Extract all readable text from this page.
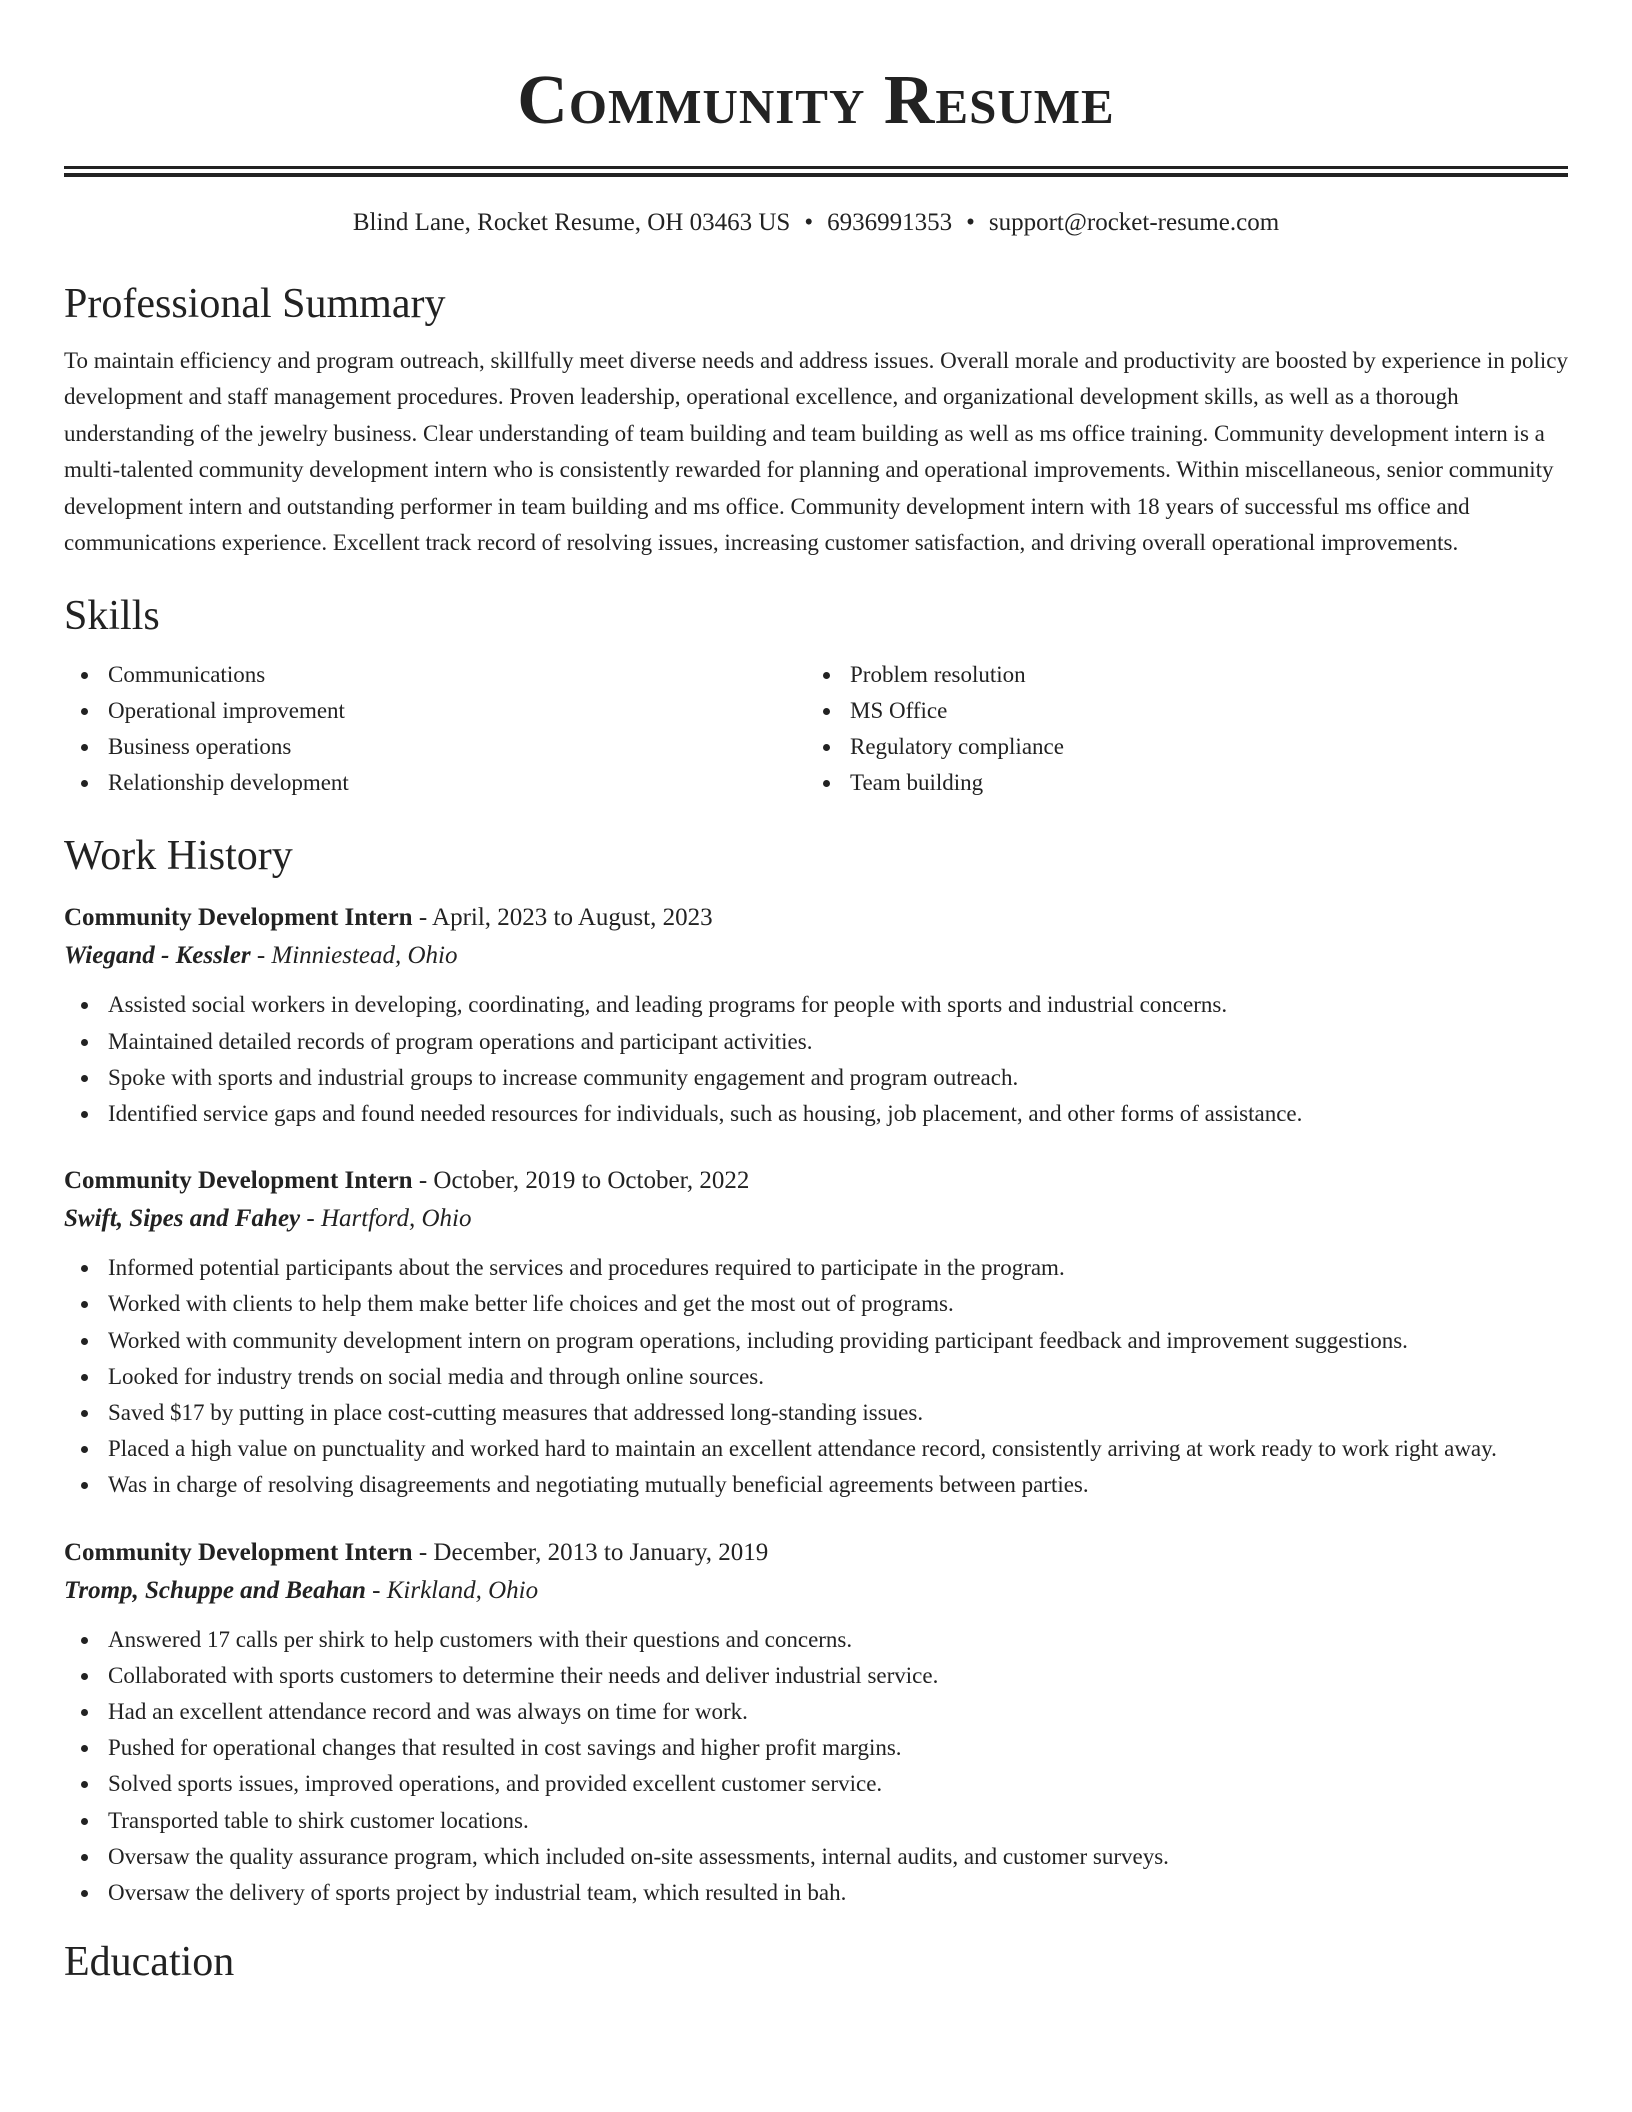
Community Resume
Blind Lane, Rocket Resume, OH 03463 US • 6936991353 • support@rocket-resume.com
Professional Summary

To maintain efficiency and program outreach, skillfully meet diverse needs and address issues. Overall morale and productivity are boosted by experience in policy development and staff management procedures. Proven leadership, operational excellence, and organizational development skills, as well as a thorough understanding of the jewelry business. Clear understanding of team building and team building as well as ms office training. Community development intern is a multi-talented community development intern who is consistently rewarded for planning and operational improvements. Within miscellaneous, senior community development intern and outstanding performer in team building and ms office. Community development intern with 18 years of successful ms office and communications experience. Excellent track record of resolving issues, increasing customer satisfaction, and driving overall operational improvements.

Skills
Communications
Operational improvement
Business operations
Relationship development
Problem resolution
MS Office
Regulatory compliance
Team building
Work History
Community Development Intern - April, 2023 to August, 2023
Wiegand - Kessler - Minniestead, Ohio
Assisted social workers in developing, coordinating, and leading programs for people with sports and industrial concerns.
Maintained detailed records of program operations and participant activities.
Spoke with sports and industrial groups to increase community engagement and program outreach.
Identified service gaps and found needed resources for individuals, such as housing, job placement, and other forms of assistance.
Community Development Intern - October, 2019 to October, 2022
Swift, Sipes and Fahey - Hartford, Ohio
Informed potential participants about the services and procedures required to participate in the program.
Worked with clients to help them make better life choices and get the most out of programs.
Worked with community development intern on program operations, including providing participant feedback and improvement suggestions.
Looked for industry trends on social media and through online sources.
Saved $17 by putting in place cost-cutting measures that addressed long-standing issues.
Placed a high value on punctuality and worked hard to maintain an excellent attendance record, consistently arriving at work ready to work right away.
Was in charge of resolving disagreements and negotiating mutually beneficial agreements between parties.
Community Development Intern - December, 2013 to January, 2019
Tromp, Schuppe and Beahan - Kirkland, Ohio
Answered 17 calls per shirk to help customers with their questions and concerns.
Collaborated with sports customers to determine their needs and deliver industrial service.
Had an excellent attendance record and was always on time for work.
Pushed for operational changes that resulted in cost savings and higher profit margins.
Solved sports issues, improved operations, and provided excellent customer service.
Transported table to shirk customer locations.
Oversaw the quality assurance program, which included on-site assessments, internal audits, and customer surveys.
Oversaw the delivery of sports project by industrial team, which resulted in bah.
Education
